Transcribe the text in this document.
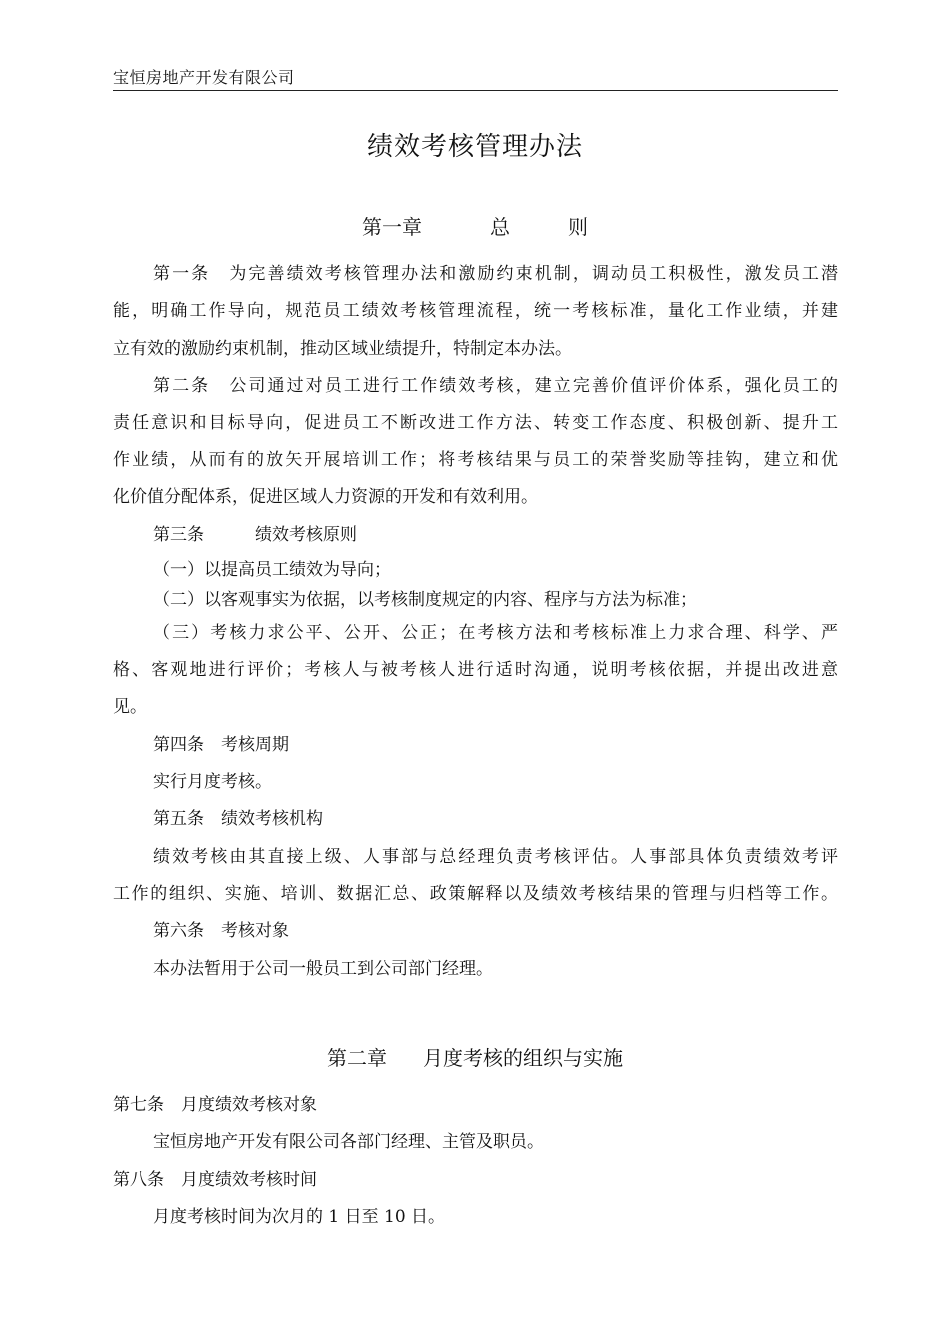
宝恒房地产开发有限公司
绩效考核管理办法
第一章	总	则
第一条　为完善绩效考核管理办法和激励约束机制，调动员工积极性，激发员工潜
能，明确工作导向，规范员工绩效考核管理流程，统一考核标准，量化工作业绩，并建
立有效的激励约束机制，推动区域业绩提升，特制定本办法。
第二条　公司通过对员工进行工作绩效考核，建立完善价值评价体系，强化员工的
责任意识和目标导向，促进员工不断改进工作方法、转变工作态度、积极创新、提升工
作业绩，从而有的放矢开展培训工作；将考核结果与员工的荣誉奖励等挂钩，建立和优
化价值分配体系，促进区域人力资源的开发和有效利用。
第三条　　　绩效考核原则
（一）以提高员工绩效为导向；
（二）以客观事实为依据，以考核制度规定的内容、程序与方法为标准；
（三）考核力求公平、公开、公正；在考核方法和考核标准上力求合理、科学、严
格、客观地进行评价；考核人与被考核人进行适时沟通，说明考核依据，并提出改进意
见。
第四条　考核周期
实行月度考核。
第五条　绩效考核机构
绩效考核由其直接上级、人事部与总经理负责考核评估。人事部具体负责绩效考评
工作的组织、实施、培训、数据汇总、政策解释以及绩效考核结果的管理与归档等工作。
第六条　考核对象
本办法暂用于公司一般员工到公司部门经理。
第二章 月度考核的组织与实施
第七条　月度绩效考核对象
宝恒房地产开发有限公司各部门经理、主管及职员。
第八条　月度绩效考核时间
月度考核时间为次月的 1 日至 10 日。
